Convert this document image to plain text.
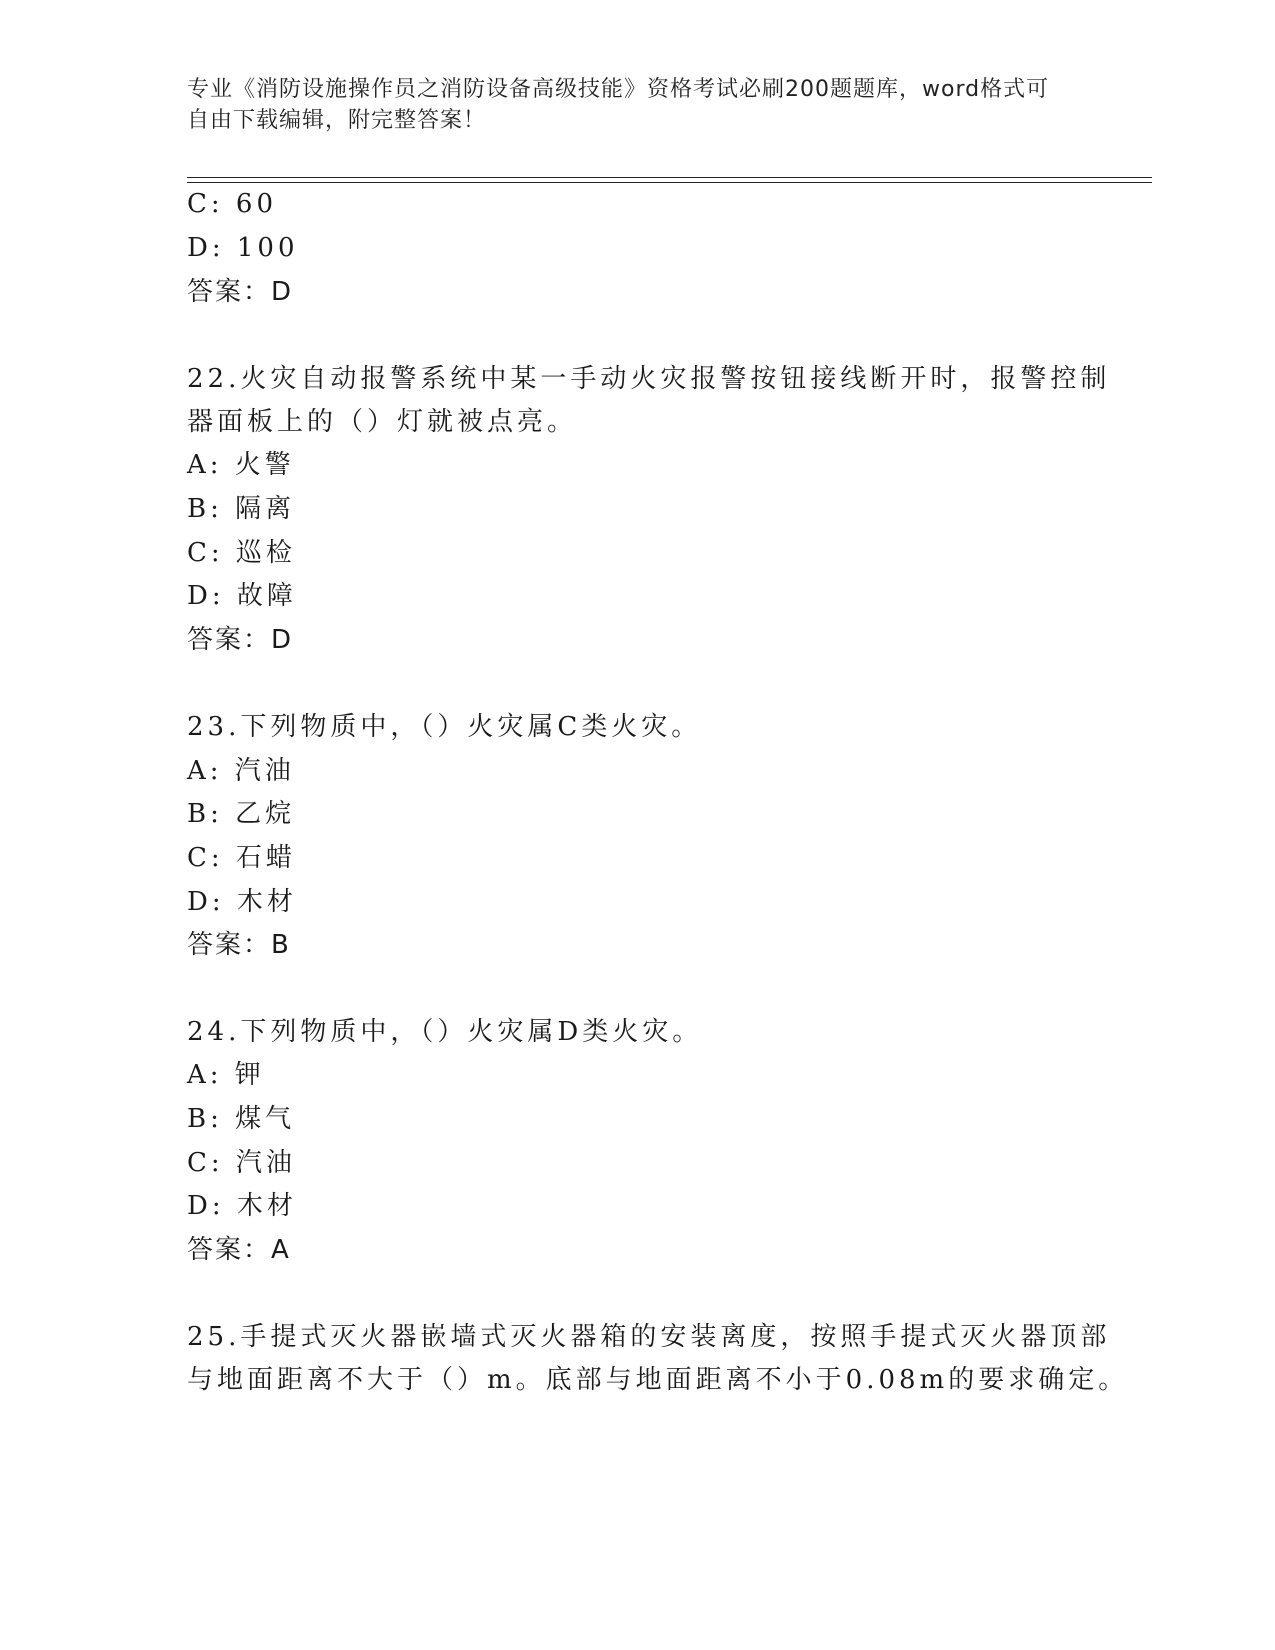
专业《消防设施操作员之消防设备高级技能》资格考试必刷200题题库，word格式可自由下载编辑，附完整答案！
C: 60
D: 100
答案：D
22.火灾自动报警系统中某一手动火灾报警按钮接线断开时，报警控制
器面板上的（）灯就被点亮。
A: 火警
B: 隔离
C: 巡检
D: 故障
答案：D
23.下列物质中，（）火灾属C类火灾。
A: 汽油
B: 乙烷
C: 石蜡
D: 木材
答案：B
24.下列物质中，（）火灾属D类火灾。
A: 钾
B: 煤气
C: 汽油
D: 木材
答案：A
25.手提式灭火器嵌墙式灭火器箱的安装离度，按照手提式灭火器顶部
与地面距离不大于（）m。底部与地面距离不小于0.08m的要求确定。
